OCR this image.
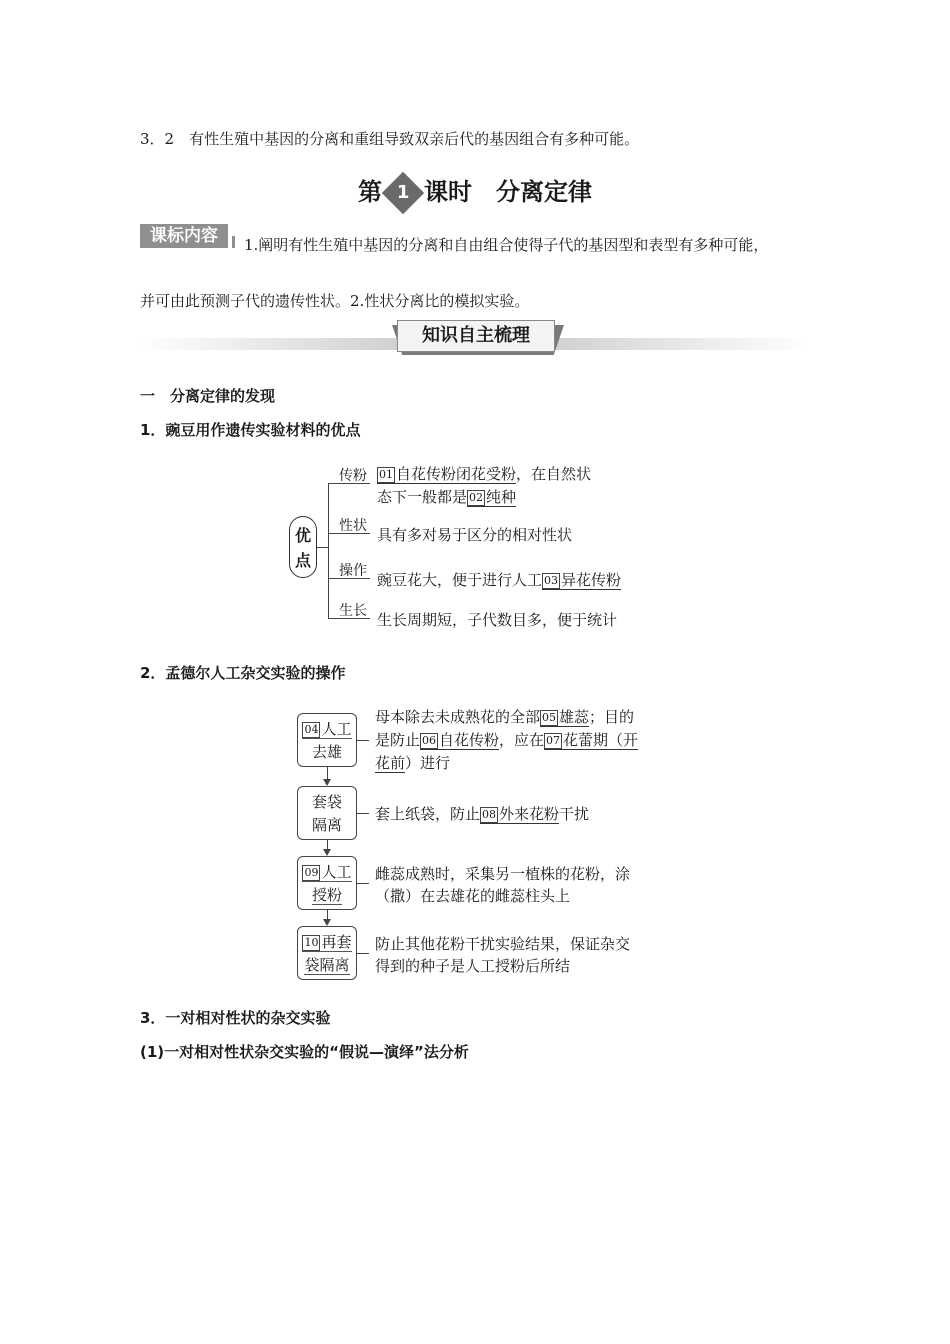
3．2　有性生殖中基因的分离和重组导致双亲后代的基因组合有多种可能。
第 1 课时　分离定律
课标内容	1.阐明有性生殖中基因的分离和自由组合使得子代的基因型和表型有多种可能，
并可由此预测子代的遗传性状。2.性状分离比的模拟实验。
知识自主梳理
一　分离定律的发现
1．豌豆用作遗传实验材料的优点
优
点
传粉
性状
操作
生长
01 自花传粉闭花受粉，在自然状
态下一般都是 02 纯种
具有多对易于区分的相对性状
豌豆花大，便于进行人工 03 异花传粉
生长周期短，子代数目多，便于统计
2．孟德尔人工杂交实验的操作
04 人工
去雄
套袋
隔离
09 人工
授粉
10 再套
袋隔离
母本除去未成熟花的全部 05 雄蕊；目的
是防止 06 自花传粉，应在 07 花蕾期（开
花前）进行
套上纸袋，防止 08 外来花粉干扰
雌蕊成熟时，采集另一植株的花粉，涂
（撒）在去雄花的雌蕊柱头上
防止其他花粉干扰实验结果，保证杂交
得到的种子是人工授粉后所结
3．一对相对性状的杂交实验
(1)一对相对性状杂交实验的“假说—演绎”法分析
